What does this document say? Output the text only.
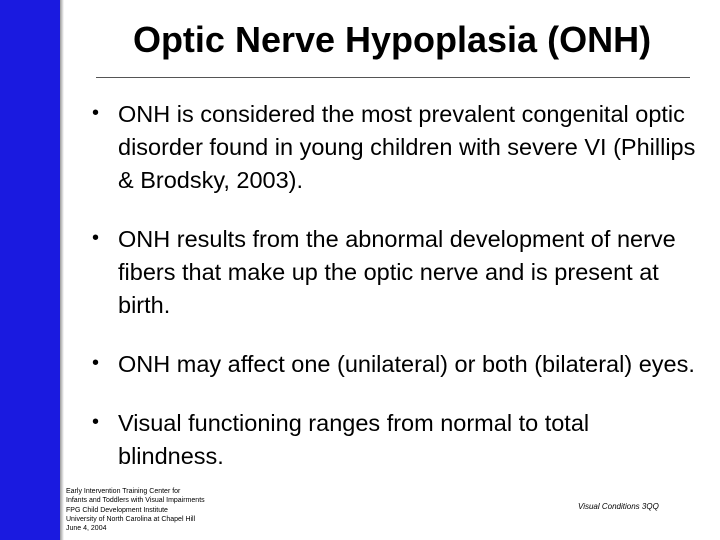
Optic Nerve Hypoplasia (ONH)
• ONH is considered the most prevalent congenital optic disorder found in young children with severe VI (Phillips & Brodsky, 2003).
• ONH results from the abnormal development of nerve fibers that make up the optic nerve and is present at birth.
• ONH may affect one (unilateral) or both (bilateral) eyes.
• Visual functioning ranges from normal to total blindness.
Early Intervention Training Center for
Infants and Toddlers with Visual Impairments
FPG Child Development Institute
University of North Carolina at Chapel Hill
June 4, 2004
Visual Conditions 3QQ
